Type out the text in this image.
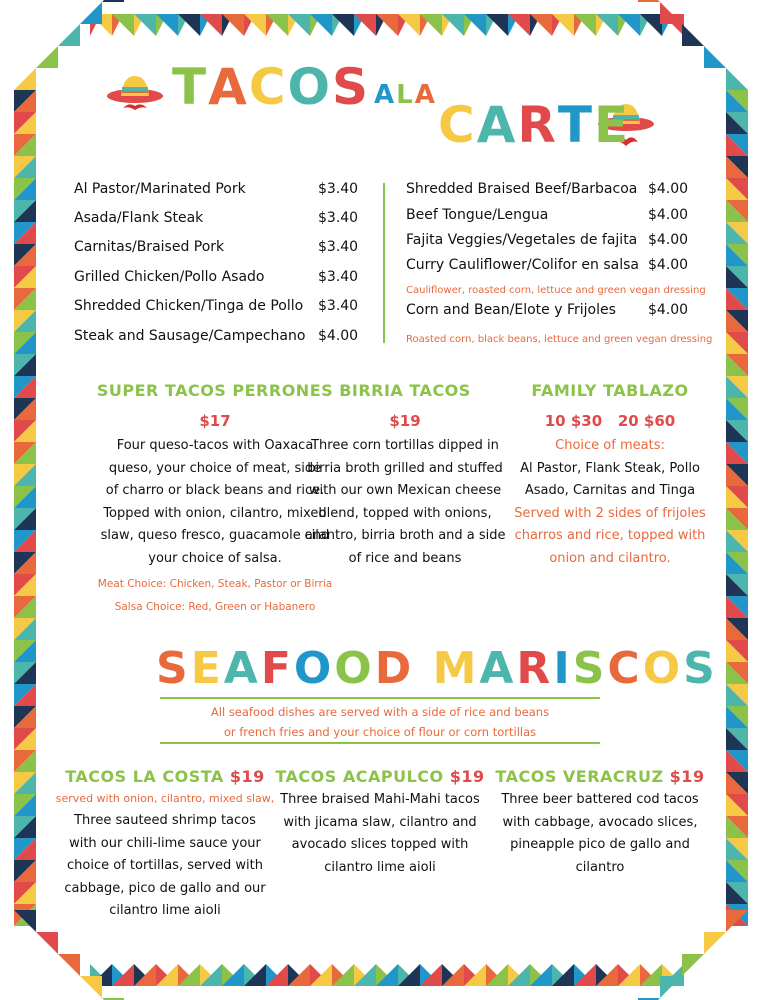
TACOS ALA
CARTE
Al Pastor/Marinated Pork	$3.40
Asada/Flank Steak	$3.40
Carnitas/Braised Pork	$3.40
Grilled Chicken/Pollo Asado	$3.40
Shredded Chicken/Tinga de Pollo $3.40
Steak and Sausage/Campechano $4.00
Shredded Braised Beef/Barbacoa $4.00
Beef Tongue/Lengua	$4.00
Fajita Veggies/Vegetales de fajita $4.00
Curry Cauliflower/Colifor en salsa $4.00
Cauliflower, roasted corn, lettuce and green vegan dressing
Corn and Bean/Elote y Frijoles $4.00
Roasted corn, black beans, lettuce and green vegan dressing
SUPER TACOS PERRONES
$17
Four queso-tacos with Oaxaca
queso, your choice of meat, side
of charro or black beans and rice.
Topped with onion, cilantro, mixed
slaw, queso fresco, guacamole and
your choice of salsa.
Meat Choice: Chicken, Steak, Pastor or Birria
Salsa Choice: Red, Green or Habanero
BIRRIA TACOS
$19
Three corn tortillas dipped in
birria broth grilled and stuffed
with our own Mexican cheese
blend, topped with onions,
cilantro, birria broth and a side
of rice and beans
FAMILY TABLAZO
10 $30 20 $60
Choice of meats:
Al Pastor, Flank Steak, Pollo
Asado, Carnitas and Tinga
Served with 2 sides of frijoles
charros and rice, topped with
onion and cilantro.
SEAFOOD MARISCOS
All seafood dishes are served with a side of rice and beans
or french fries and your choice of flour or corn tortillas
TACOS LA COSTA $19
served with onion, cilantro, mixed slaw,
Three sauteed shrimp tacos
with our chili-lime sauce your
choice of tortillas, served with
cabbage, pico de gallo and our
cilantro lime aioli
TACOS ACAPULCO $19
Three braised Mahi-Mahi tacos
with jicama slaw, cilantro and
avocado slices topped with
cilantro lime aioli
TACOS VERACRUZ $19
Three beer battered cod tacos
with cabbage, avocado slices,
pineapple pico de gallo and
cilantro
